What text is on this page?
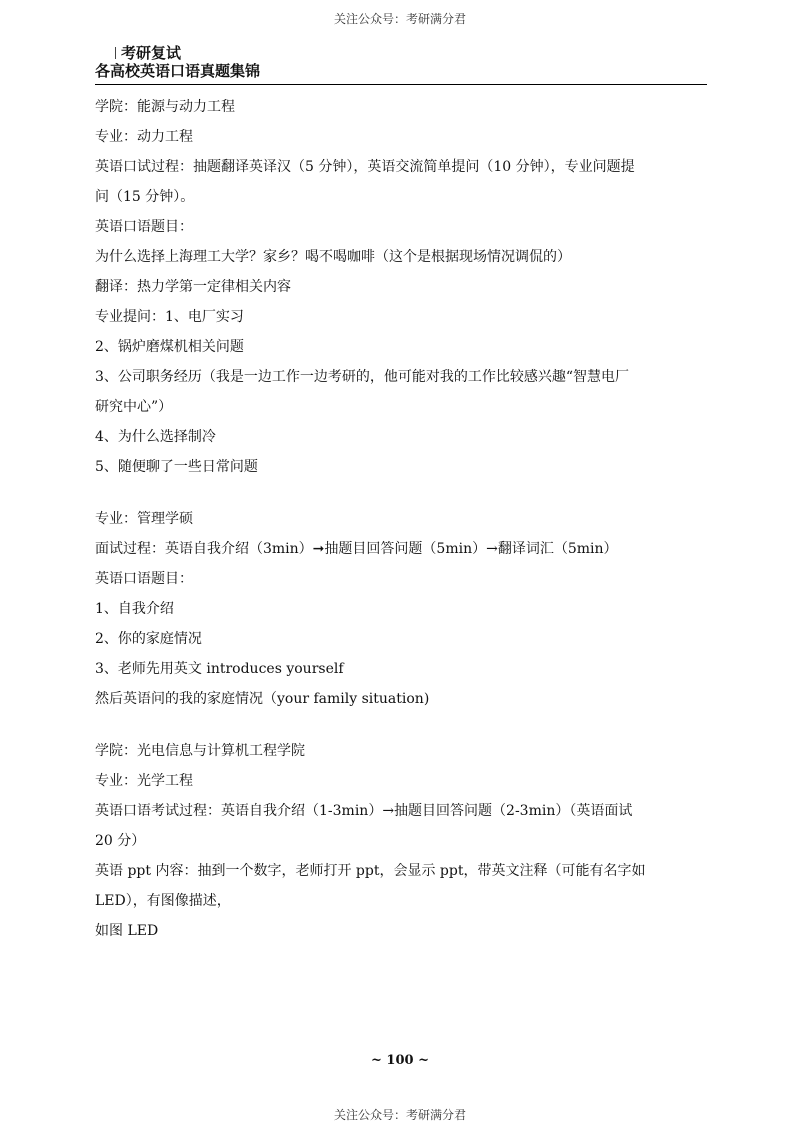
关注公众号：考研满分君
考研复试
各高校英语口语真题集锦
学院：能源与动力工程
专业：动力工程
英语口试过程：抽题翻译英译汉（5 分钟），英语交流简单提问（10 分钟），专业问题提
问（15 分钟）。
英语口语题目：
为什么选择上海理工大学？家乡？喝不喝咖啡（这个是根据现场情况调侃的）
翻译：热力学第一定律相关内容
专业提问：1、电厂实习
2、锅炉磨煤机相关问题
3、公司职务经历（我是一边工作一边考研的，他可能对我的工作比较感兴趣“智慧电厂
研究中心”）
4、为什么选择制冷
5、随便聊了一些日常问题
专业：管理学硕
面试过程：英语自我介绍（3min）➞抽题目回答问题（5min）→翻译词汇（5min）
英语口语题目：
1、自我介绍
2、你的家庭情况
3、老师先用英文 introduces yourself
然后英语问的我的家庭情况（your family situation)
学院：光电信息与计算机工程学院
专业：光学工程
英语口语考试过程：英语自我介绍（1-3min）→抽题目回答问题（2-3min）（英语面试
20 分）
英语 ppt 内容：抽到一个数字，老师打开 ppt，会显示 ppt，带英文注释（可能有名字如
LED），有图像描述，
如图 LED
~ 100 ~
关注公众号：考研满分君
